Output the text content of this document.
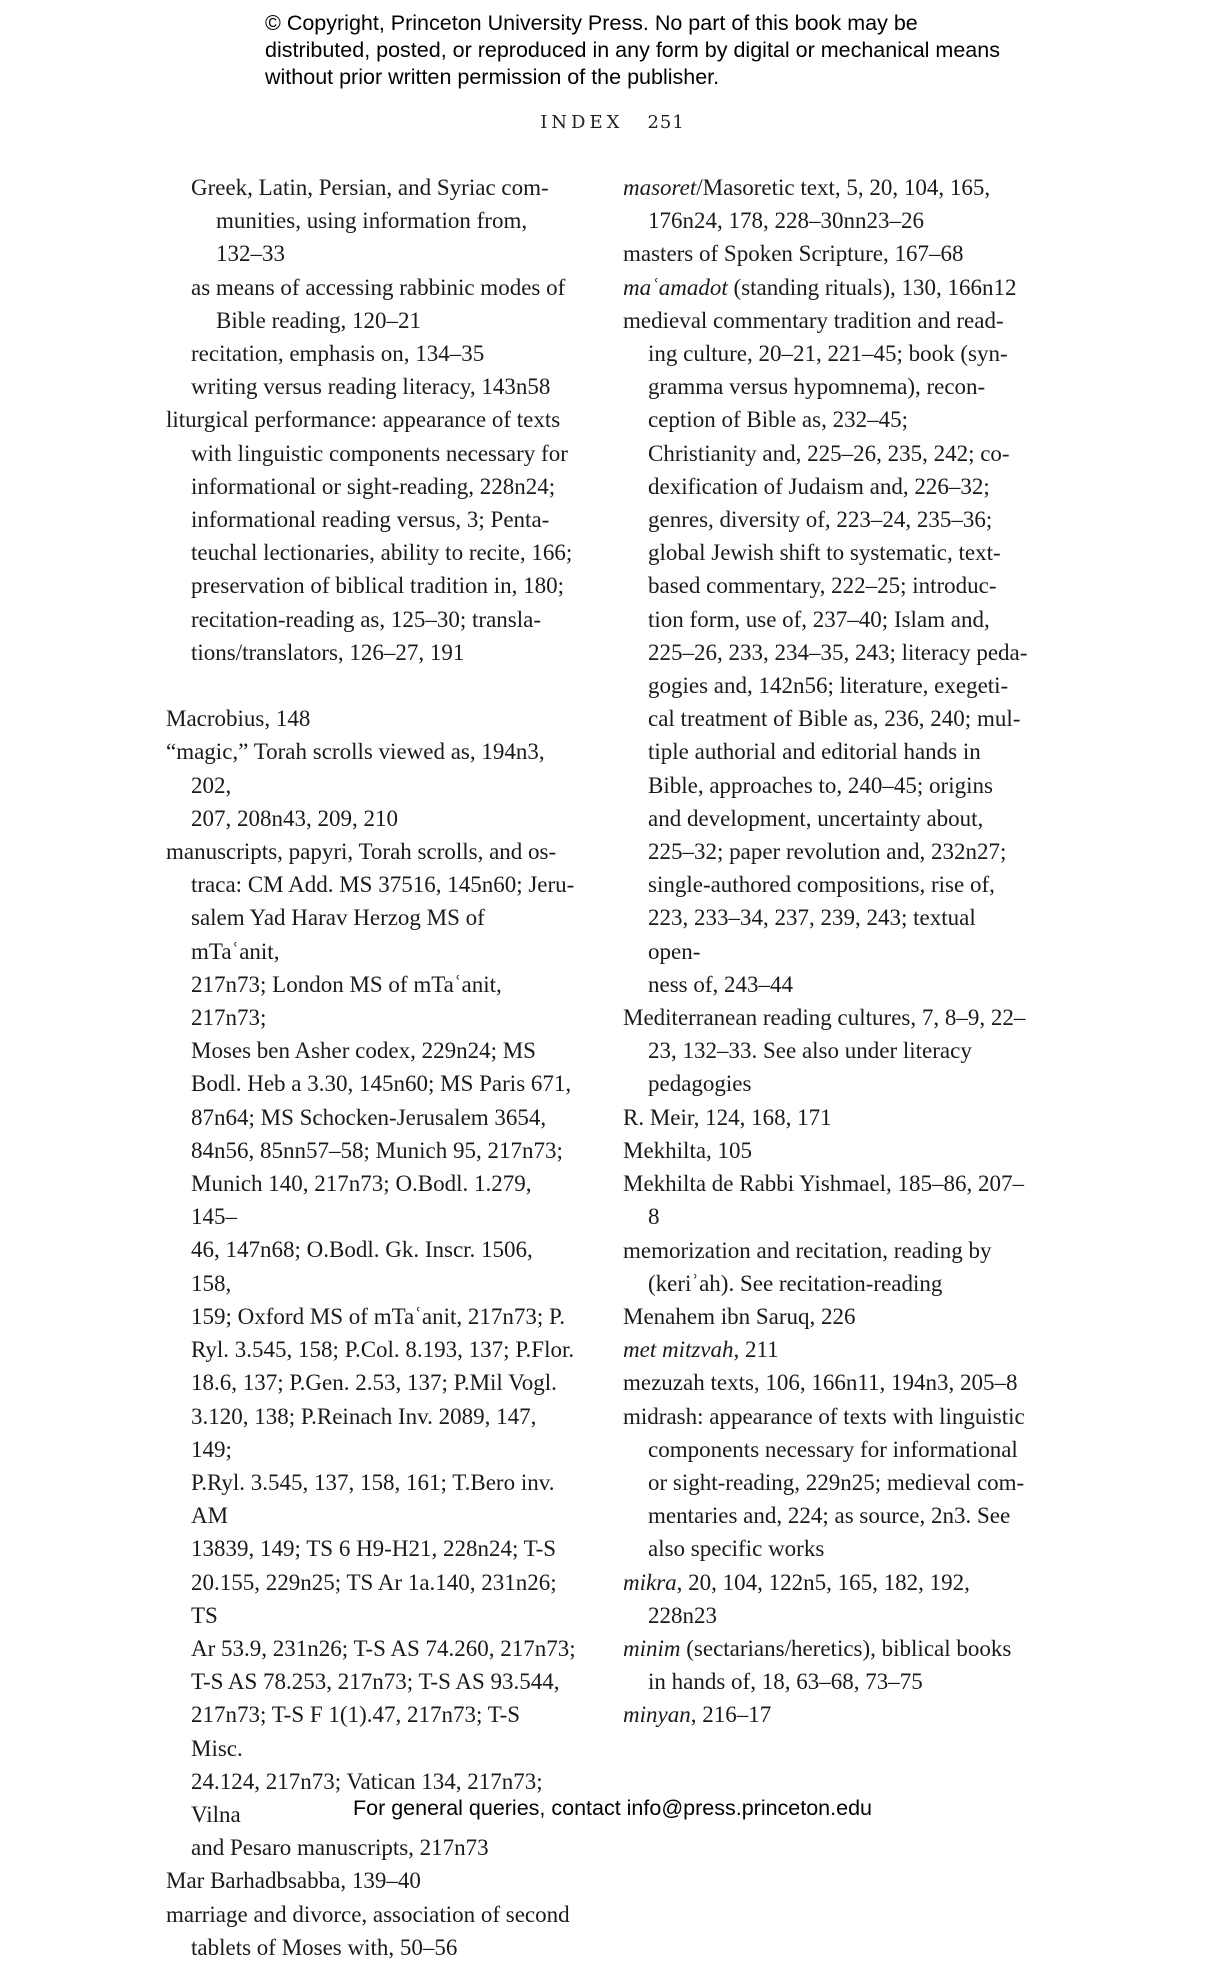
© Copyright, Princeton University Press. No part of this book may be distributed, posted, or reproduced in any form by digital or mechanical means without prior written permission of the publisher.
INDEX 251

Greek, Latin, Persian, and Syriac com-
munities, using information from,
132–33

as means of accessing rabbinic modes of
Bible reading, 120–21

recitation, emphasis on, 134–35

writing versus reading literacy, 143n58

liturgical performance: appearance of texts
with linguistic components necessary for
informational or sight-reading, 228n24;
informational reading versus, 3; Penta-
teuchal lectionaries, ability to recite, 166;
preservation of biblical tradition in, 180;
recitation-reading as, 125–30; transla-
tions/translators, 126–27, 191

Macrobius, 148

“magic,” Torah scrolls viewed as, 194n3, 202,
207, 208n43, 209, 210

manuscripts, papyri, Torah scrolls, and os-
traca: CM Add. MS 37516, 145n60; Jeru-
salem Yad Harav Herzog MS of mTaʿanit,
217n73; London MS of mTaʿanit, 217n73;
Moses ben Asher codex, 229n24; MS
Bodl. Heb a 3.30, 145n60; MS Paris 671,
87n64; MS Schocken-Jerusalem 3654,
84n56, 85nn57–58; Munich 95, 217n73;
Munich 140, 217n73; O.Bodl. 1.279, 145–
46, 147n68; O.Bodl. Gk. Inscr. 1506, 158,
159; Oxford MS of mTaʿanit, 217n73; P.
Ryl. 3.545, 158; P.Col. 8.193, 137; P.Flor.
18.6, 137; P.Gen. 2.53, 137; P.Mil Vogl.
3.120, 138; P.Reinach Inv. 2089, 147, 149;
P.Ryl. 3.545, 137, 158, 161; T.Bero inv. AM
13839, 149; TS 6 H9-H21, 228n24; T-S
20.155, 229n25; TS Ar 1a.140, 231n26; TS
Ar 53.9, 231n26; T-S AS 74.260, 217n73;
T-S AS 78.253, 217n73; T-S AS 93.544,
217n73; T-S F 1(1).47, 217n73; T-S Misc.
24.124, 217n73; Vatican 134, 217n73; Vilna
and Pesaro manuscripts, 217n73

Mar Barhadbsabba, 139–40

marriage and divorce, association of second
tablets of Moses with, 50–56

masoret/Masoretic text, 5, 20, 104, 165,
176n24, 178, 228–30nn23–26

masters of Spoken Scripture, 167–68

maʿamadot (standing rituals), 130, 166n12

medieval commentary tradition and read-
ing culture, 20–21, 221–45; book (syn-
gramma versus hypomnema), recon-
ception of Bible as, 232–45;
Christianity and, 225–26, 235, 242; co-
dexification of Judaism and, 226–32;
genres, diversity of, 223–24, 235–36;
global Jewish shift to systematic, text-
based commentary, 222–25; introduc-
tion form, use of, 237–40; Islam and,
225–26, 233, 234–35, 243; literacy peda-
gogies and, 142n56; literature, exegeti-
cal treatment of Bible as, 236, 240; mul-
tiple authorial and editorial hands in
Bible, approaches to, 240–45; origins
and development, uncertainty about,
225–32; paper revolution and, 232n27;
single-authored compositions, rise of,
223, 233–34, 237, 239, 243; textual open-
ness of, 243–44

Mediterranean reading cultures, 7, 8–9, 22–
23, 132–33. See also under literacy
pedagogies

R. Meir, 124, 168, 171

Mekhilta, 105

Mekhilta de Rabbi Yishmael, 185–86, 207–8

memorization and recitation, reading by
(keriʾah). See recitation-reading

Menahem ibn Saruq, 226

met mitzvah, 211

mezuzah texts, 106, 166n11, 194n3, 205–8

midrash: appearance of texts with linguistic
components necessary for informational
or sight-reading, 229n25; medieval com-
mentaries and, 224; as source, 2n3. See
also specific works

mikra, 20, 104, 122n5, 165, 182, 192, 228n23

minim (sectarians/heretics), biblical books
in hands of, 18, 63–68, 73–75

minyan, 216–17

For general queries, contact info@press.princeton.edu
